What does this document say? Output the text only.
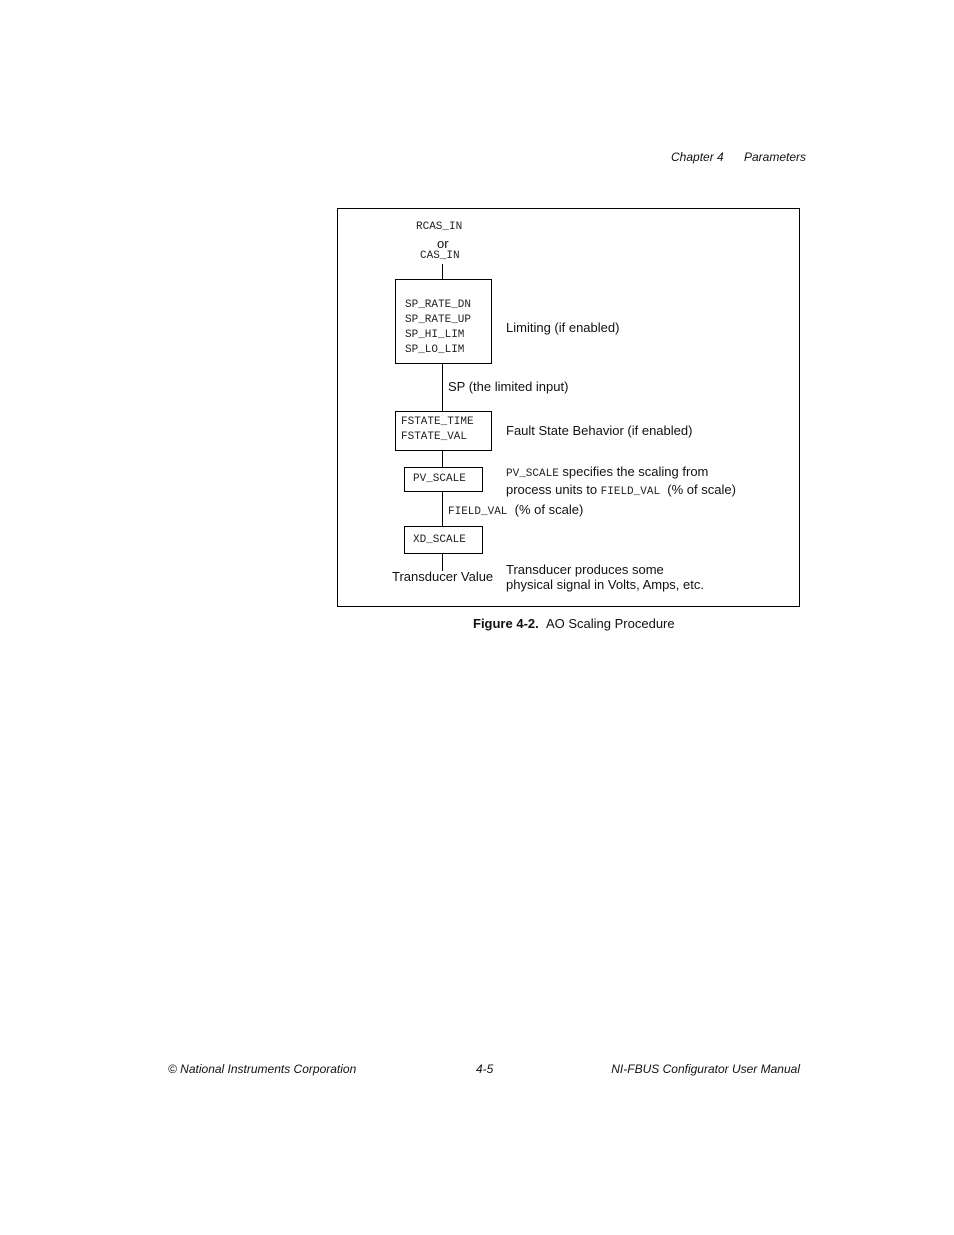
Chapter 4 Parameters
RCAS_IN
or
CAS_IN
SP_RATE_DN
SP_RATE_UP
SP_HI_LIM
SP_LO_LIM
Limiting (if enabled)
SP (the limited input)
FSTATE_TIME
FSTATE_VAL	Fault State Behavior (if enabled)
PV_SCALE	PV_SCALE specifies the scaling from
process units to FIELD_VAL  (% of scale)
FIELD_VAL  (% of scale)
XD_SCALE
Transducer Value Transducer produces some
physical signal in Volts, Amps, etc.
Figure 4-2. AO Scaling Procedure
© National Instruments Corporation	4-5	NI-FBUS Configurator User Manual
